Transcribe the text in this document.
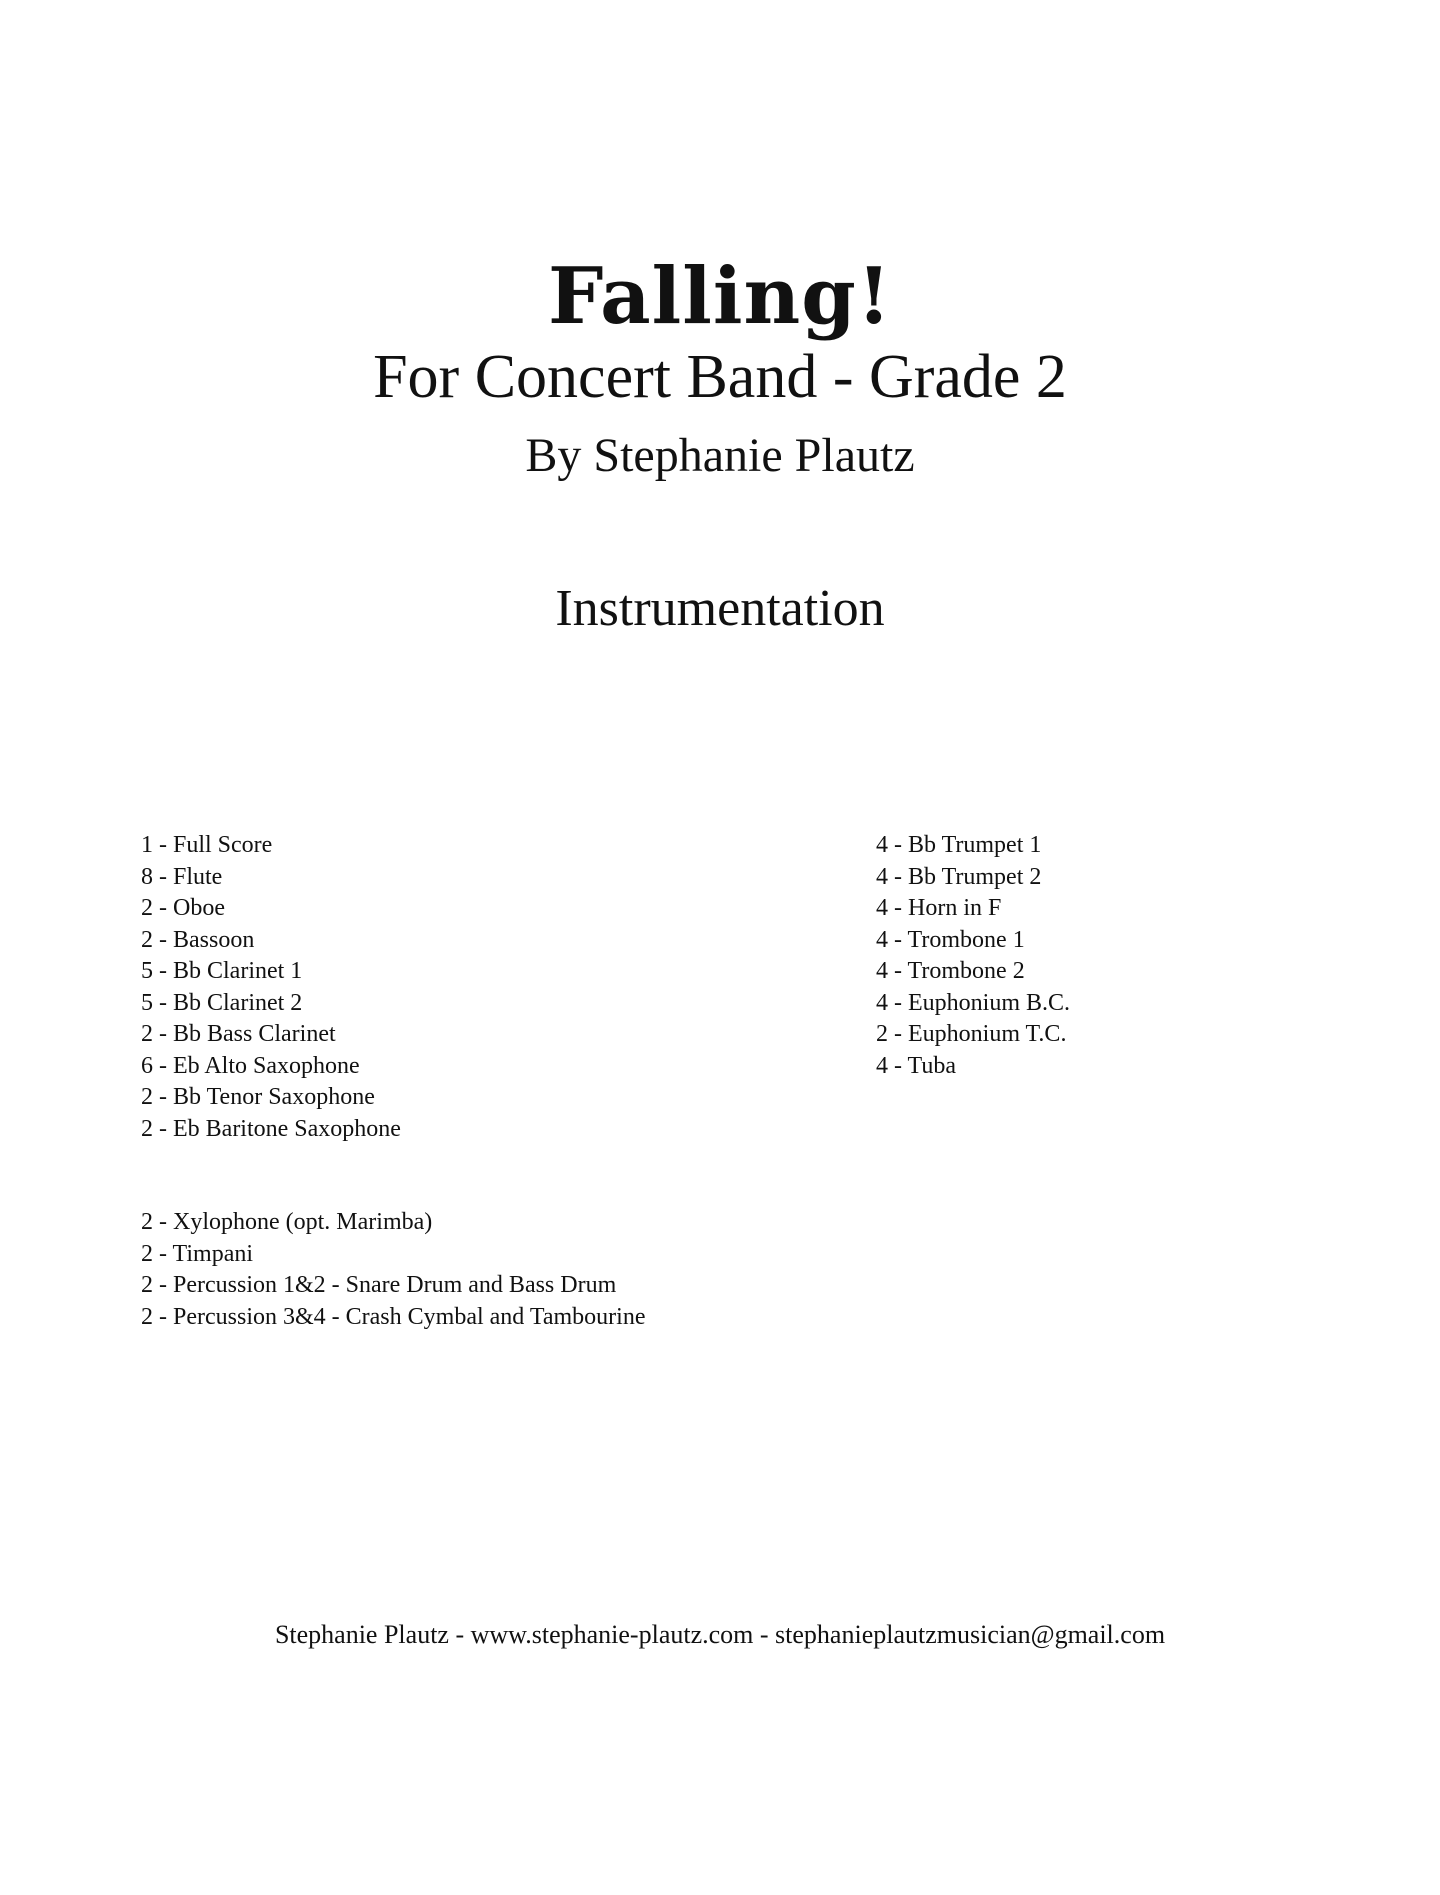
Falling!
For Concert Band - Grade 2
By Stephanie Plautz
Instrumentation
1 - Full Score
8 - Flute
2 - Oboe
2 - Bassoon
5 - Bb Clarinet 1
5 - Bb Clarinet 2
2 - Bb Bass Clarinet
6 - Eb Alto Saxophone
2 - Bb Tenor Saxophone
2 - Eb Baritone Saxophone
2 - Xylophone (opt. Marimba)
2 - Timpani
2 - Percussion 1&2 - Snare Drum and Bass Drum
2 - Percussion 3&4 - Crash Cymbal and Tambourine
4 - Bb Trumpet 1
4 - Bb Trumpet 2
4 - Horn in F
4 - Trombone 1
4 - Trombone 2
4 - Euphonium B.C.
2 - Euphonium T.C.
4 - Tuba
Stephanie Plautz - www.stephanie-plautz.com - stephanieplautzmusician@gmail.com
